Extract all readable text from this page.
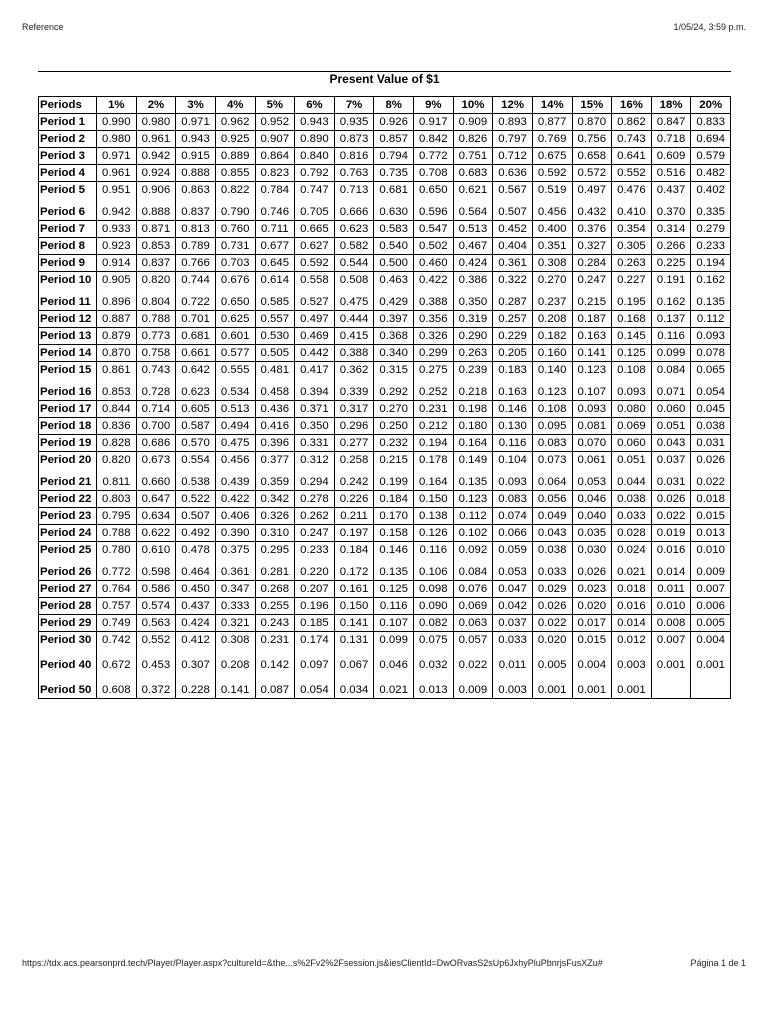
Reference	1/05/24, 3:59 p.m.
Present Value of $1
Periods	1%	2%	3%	4%	5%	6%	7%	8%	9%	10%	12%	14%	15%	16%	18%	20%
Period 1	0.990	0.980	0.971	0.962	0.952	0.943	0.935	0.926	0.917	0.909	0.893	0.877	0.870	0.862	0.847	0.833
Period 2	0.980	0.961	0.943	0.925	0.907	0.890	0.873	0.857	0.842	0.826	0.797	0.769	0.756	0.743	0.718	0.694
Period 3	0.971	0.942	0.915	0.889	0.864	0.840	0.816	0.794	0.772	0.751	0.712	0.675	0.658	0.641	0.609	0.579
Period 4	0.961	0.924	0.888	0.855	0.823	0.792	0.763	0.735	0.708	0.683	0.636	0.592	0.572	0.552	0.516	0.482
Period 5	0.951	0.906	0.863	0.822	0.784	0.747	0.713	0.681	0.650	0.621	0.567	0.519	0.497	0.476	0.437	0.402

Period 6	0.942	0.888	0.837	0.790	0.746	0.705	0.666	0.630	0.596	0.564	0.507	0.456	0.432	0.410	0.370	0.335
Period 7	0.933	0.871	0.813	0.760	0.711	0.665	0.623	0.583	0.547	0.513	0.452	0.400	0.376	0.354	0.314	0.279
Period 8	0.923	0.853	0.789	0.731	0.677	0.627	0.582	0.540	0.502	0.467	0.404	0.351	0.327	0.305	0.266	0.233
Period 9	0.914	0.837	0.766	0.703	0.645	0.592	0.544	0.500	0.460	0.424	0.361	0.308	0.284	0.263	0.225	0.194
Period 10	0.905	0.820	0.744	0.676	0.614	0.558	0.508	0.463	0.422	0.386	0.322	0.270	0.247	0.227	0.191	0.162

Period 11	0.896	0.804	0.722	0.650	0.585	0.527	0.475	0.429	0.388	0.350	0.287	0.237	0.215	0.195	0.162	0.135
Period 12	0.887	0.788	0.701	0.625	0.557	0.497	0.444	0.397	0.356	0.319	0.257	0.208	0.187	0.168	0.137	0.112
Period 13	0.879	0.773	0.681	0.601	0.530	0.469	0.415	0.368	0.326	0.290	0.229	0.182	0.163	0.145	0.116	0.093
Period 14	0.870	0.758	0.661	0.577	0.505	0.442	0.388	0.340	0.299	0.263	0.205	0.160	0.141	0.125	0.099	0.078
Period 15	0.861	0.743	0.642	0.555	0.481	0.417	0.362	0.315	0.275	0.239	0.183	0.140	0.123	0.108	0.084	0.065

Period 16	0.853	0.728	0.623	0.534	0.458	0.394	0.339	0.292	0.252	0.218	0.163	0.123	0.107	0.093	0.071	0.054
Period 17	0.844	0.714	0.605	0.513	0.436	0.371	0.317	0.270	0.231	0.198	0.146	0.108	0.093	0.080	0.060	0.045
Period 18	0.836	0.700	0.587	0.494	0.416	0.350	0.296	0.250	0.212	0.180	0.130	0.095	0.081	0.069	0.051	0.038
Period 19	0.828	0.686	0.570	0.475	0.396	0.331	0.277	0.232	0.194	0.164	0.116	0.083	0.070	0.060	0.043	0.031
Period 20	0.820	0.673	0.554	0.456	0.377	0.312	0.258	0.215	0.178	0.149	0.104	0.073	0.061	0.051	0.037	0.026

Period 21	0.811	0.660	0.538	0.439	0.359	0.294	0.242	0.199	0.164	0.135	0.093	0.064	0.053	0.044	0.031	0.022
Period 22	0.803	0.647	0.522	0.422	0.342	0.278	0.226	0.184	0.150	0.123	0.083	0.056	0.046	0.038	0.026	0.018
Period 23	0.795	0.634	0.507	0.406	0.326	0.262	0.211	0.170	0.138	0.112	0.074	0.049	0.040	0.033	0.022	0.015
Period 24	0.788	0.622	0.492	0.390	0.310	0.247	0.197	0.158	0.126	0.102	0.066	0.043	0.035	0.028	0.019	0.013
Period 25	0.780	0.610	0.478	0.375	0.295	0.233	0.184	0.146	0.116	0.092	0.059	0.038	0.030	0.024	0.016	0.010

Period 26	0.772	0.598	0.464	0.361	0.281	0.220	0.172	0.135	0.106	0.084	0.053	0.033	0.026	0.021	0.014	0.009
Period 27	0.764	0.586	0.450	0.347	0.268	0.207	0.161	0.125	0.098	0.076	0.047	0.029	0.023	0.018	0.011	0.007
Period 28	0.757	0.574	0.437	0.333	0.255	0.196	0.150	0.116	0.090	0.069	0.042	0.026	0.020	0.016	0.010	0.006
Period 29	0.749	0.563	0.424	0.321	0.243	0.185	0.141	0.107	0.082	0.063	0.037	0.022	0.017	0.014	0.008	0.005
Period 30	0.742	0.552	0.412	0.308	0.231	0.174	0.131	0.099	0.075	0.057	0.033	0.020	0.015	0.012	0.007	0.004

Period 40	0.672	0.453	0.307	0.208	0.142	0.097	0.067	0.046	0.032	0.022	0.011	0.005	0.004	0.003	0.001	0.001

Period 50	0.608	0.372	0.228	0.141	0.087	0.054	0.034	0.021	0.013	0.009	0.003	0.001	0.001	0.001		
https://tdx.acs.pearsonprd.tech/Player/Player.aspx?cultureId=&the...s%2Fv2%2Fsession.js&iesClientId=DwORvasS2sUp6JxhyPluPbnrjsFusXZu#	Página 1 de 1
